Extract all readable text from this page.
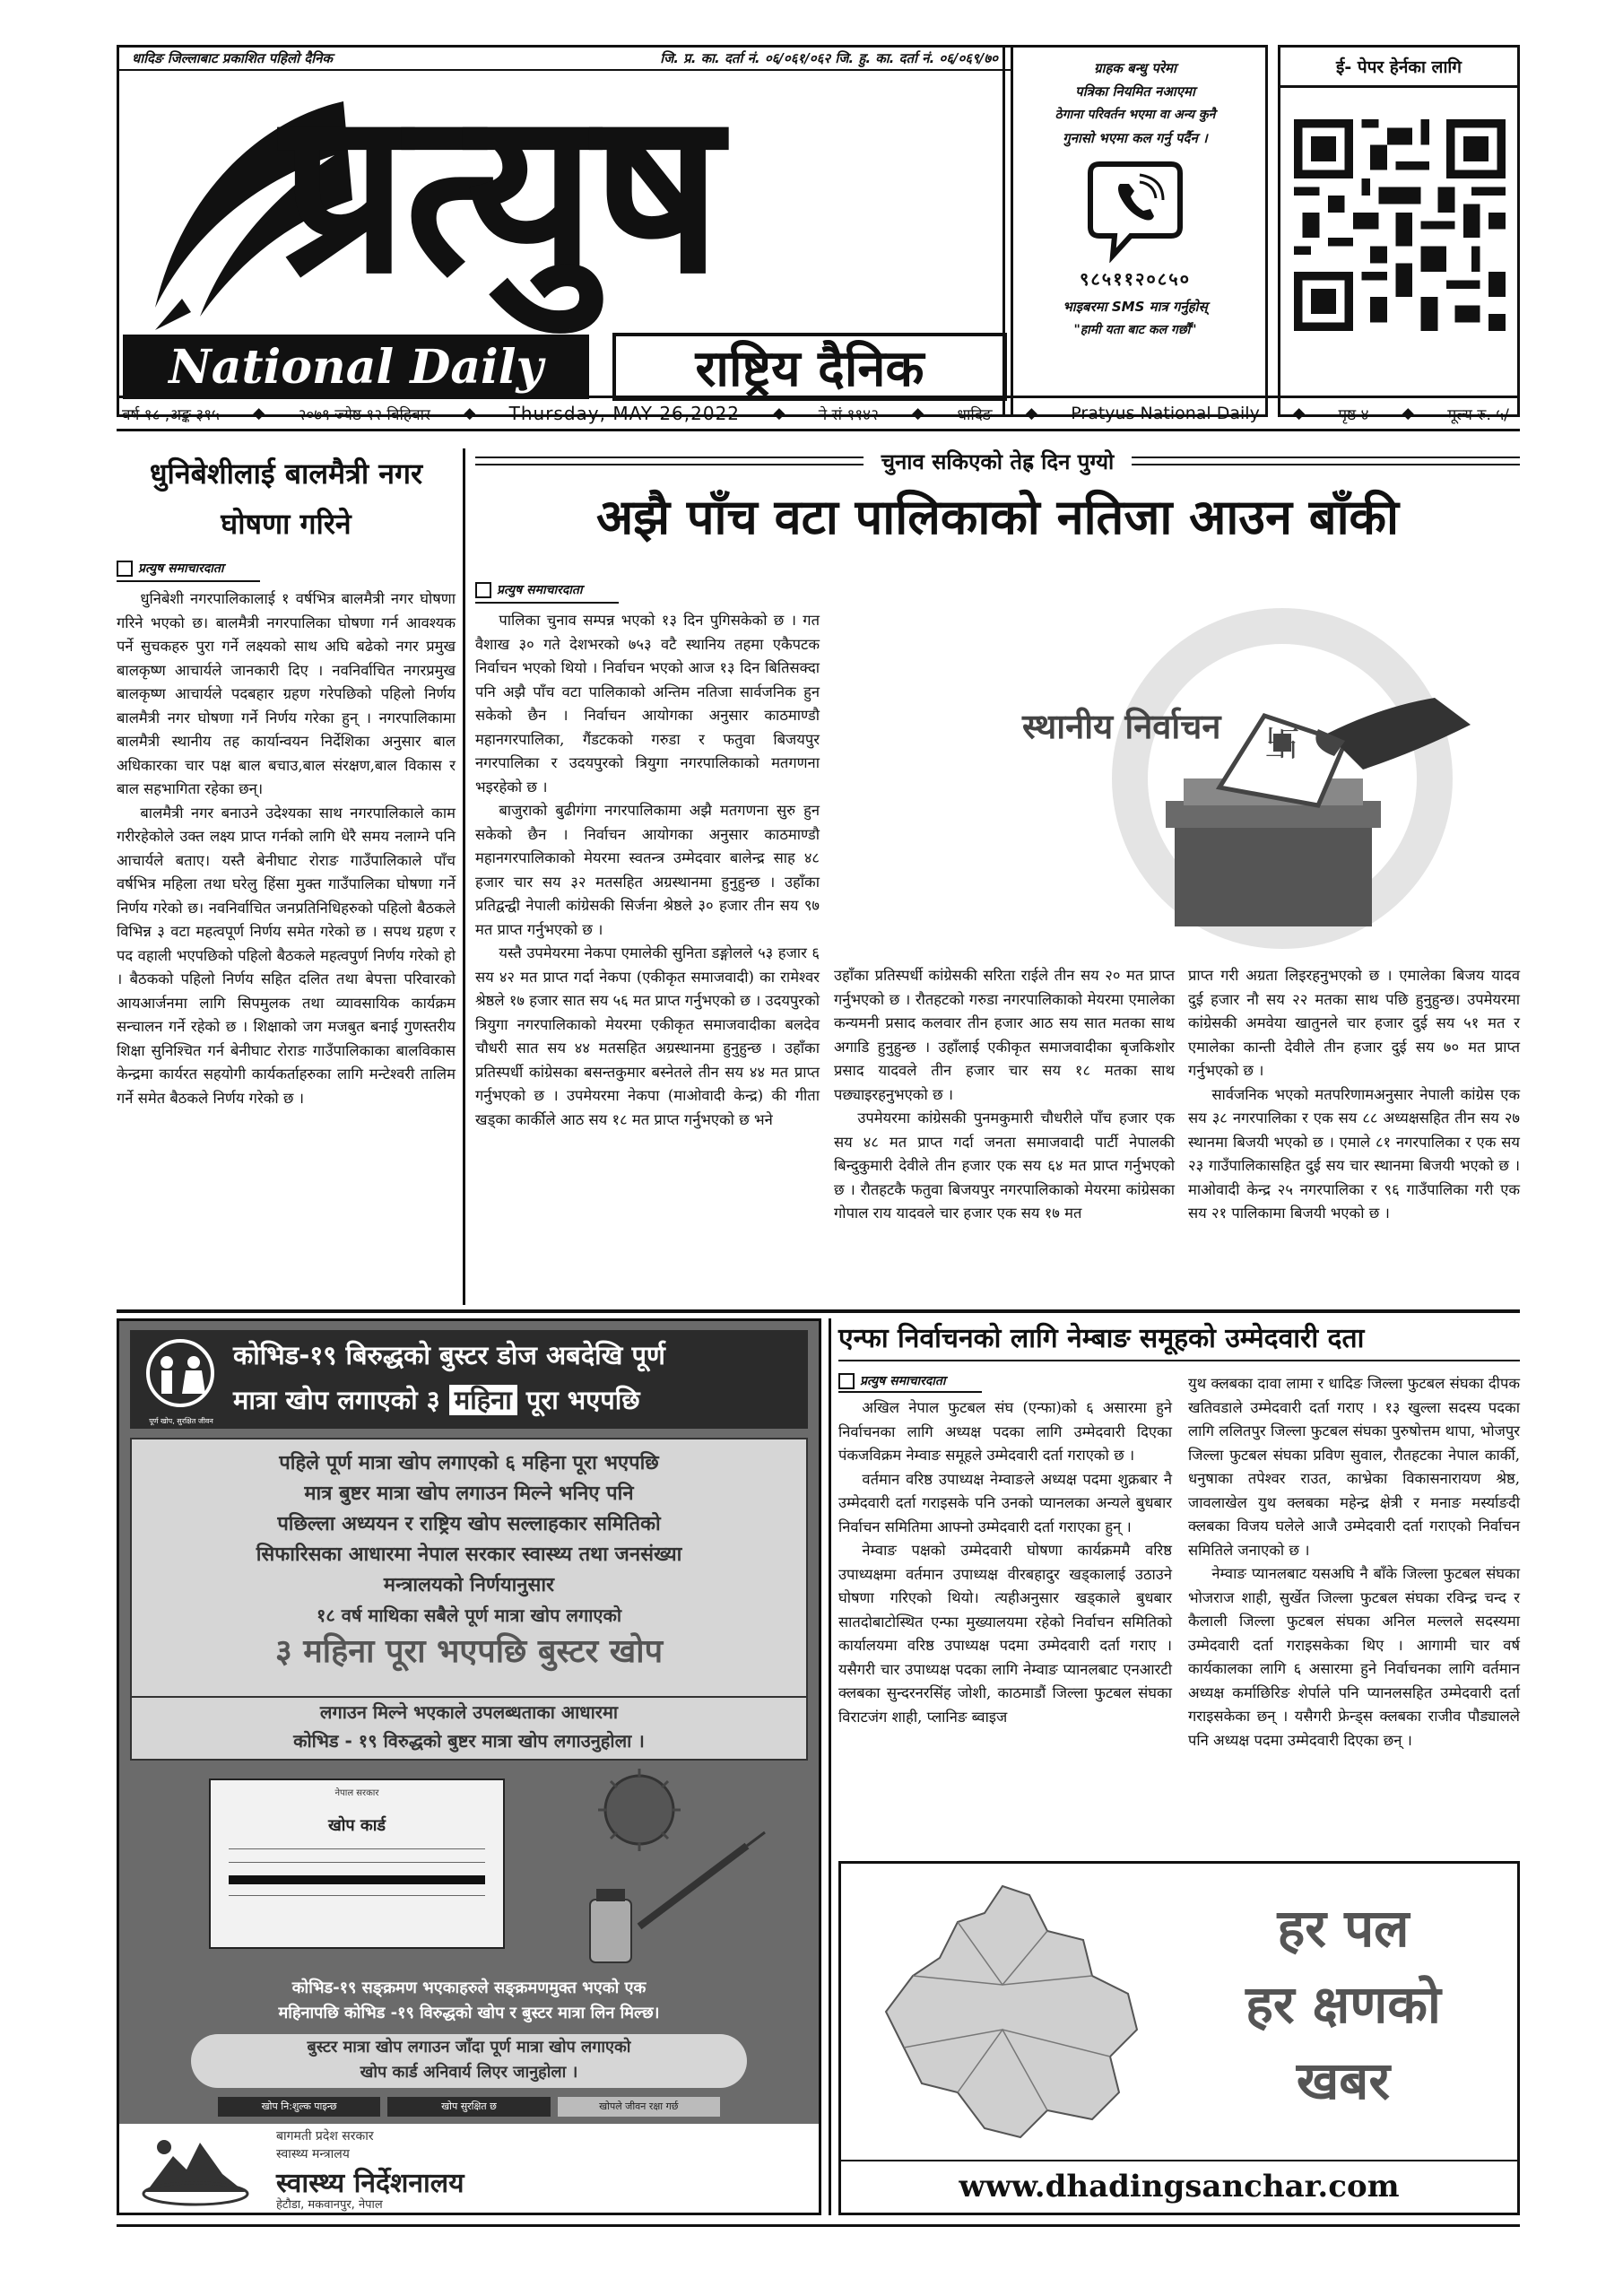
धादिङ जिल्लाबाट प्रकाशित पहिलो दैनिक	जि. प्र. का. दर्ता नं. ०६/०६१/०६२ जि. हु. का. दर्ता नं. ०६/०६९/७०
प्रत्युष
National Daily	राष्ट्रिय दैनिक
ग्राहक बन्धु परेमा
पत्रिका नियमित नआएमा
ठेगाना परिवर्तन भएमा वा अन्य कुनै
गुनासो भएमा कल गर्नु पर्दैन ।
९८५११२०८५०
भाइबरमा SMS मात्र गर्नुहोस्
"हामी यता बाट कल गर्छौं"
ई- पेपर हेर्नका लागि
वर्ष १८ ,अङ्क ३१५ ◆ २०७९ ज्येष्ठ १२ बिहिबार ◆ Thursday, MAY 26,2022 ◆ ने सं ११४२ ◆ धादिङ ◆ Pratyus National Daily ◆ पृष्ठ ४ ◆ मूल्य रु. ५/-
धुनिबेशीलाई बालमैत्री नगर घोषणा गरिने
प्रत्युष समाचारदाता

धुनिबेशी नगरपालिकालाई १ वर्षभित्र बालमैत्री नगर घोषणा गरिने भएको छ। बालमैत्री नगरपालिका घोषणा गर्न आवश्यक पर्ने सुचकहरु पुरा गर्ने लक्ष्यको साथ अघि बढेको नगर प्रमुख बालकृष्ण आचार्यले जानकारी दिए । नवनिर्वाचित नगरप्रमुख बालकृष्ण आचार्यले पदबहार ग्रहण गरेपछिको पहिलो निर्णय बालमैत्री नगर घोषणा गर्ने निर्णय गरेका हुन् । नगरपालिकामा बालमैत्री स्थानीय तह कार्यान्वयन निर्देशिका अनुसार बाल अधिकारका चार पक्ष बाल बचाउ,बाल संरक्षण,बाल विकास र बाल सहभागिता रहेका छन्।

बालमैत्री नगर बनाउने उदेश्यका साथ नगरपालिकाले काम गरीरहेकोले उक्त लक्ष्य प्राप्त गर्नको लागि धेरै समय नलाग्ने पनि आचार्यले बताए। यस्तै बेनीघाट रोराङ गाउँपालिकाले पाँच वर्षभित्र महिला तथा घरेलु हिंसा मुक्त गाउँपालिका घोषणा गर्ने निर्णय गरेको छ। नवनिर्वाचित जनप्रतिनिधिहरुको पहिलो बैठकले विभिन्न ३ वटा महत्वपूर्ण निर्णय समेत गरेको छ । सपथ ग्रहण र पद वहाली भएपछिको पहिलो बैठकले महत्वपुर्ण निर्णय गरेको हो । बैठकको पहिलो निर्णय सहित दलित तथा बेपत्ता परिवारको आयआर्जनमा लागि सिपमुलक तथा व्यावसायिक कार्यक्रम सन्चालन गर्ने रहेको छ । शिक्षाको जग मजबुत बनाई गुणस्तरीय शिक्षा सुनिश्चित गर्न बेनीघाट रोराङ गाउँपालिकाका बालविकास केन्द्रमा कार्यरत सहयोगी कार्यकर्ताहरुका लागि मन्टेश्वरी तालिम गर्ने समेत बैठकले निर्णय गरेको छ ।

चुनाव सकिएको तेह्र दिन पुग्यो
अझै पाँच वटा पालिकाको नतिजा आउन बाँकी
प्रत्युष समाचारदाता

पालिका चुनाव सम्पन्न भएको १३ दिन पुगिसकेको छ । गत वैशाख ३० गते देशभरको ७५३ वटै स्थानिय तहमा एकैपटक निर्वाचन भएको थियो । निर्वाचन भएको आज १३ दिन बितिसक्दा पनि अझै पाँच वटा पालिकाको अन्तिम नतिजा सार्वजनिक हुन सकेको छैन । निर्वाचन आयोगका अनुसार काठमाण्डौ महानगरपालिका, गैंडटकको गरुडा र फतुवा बिजयपुर नगरपालिका र उदयपुरको त्रियुगा नगरपालिकाको मतगणना भइरहेको छ ।

बाजुराको बुढीगंगा नगरपालिकामा अझै मतगणना सुरु हुन सकेको छैन । निर्वाचन आयोगका अनुसार काठमाण्डौ महानगरपालिकाको मेयरमा स्वतन्त्र उम्मेदवार बालेन्द्र साह ४८ हजार चार सय ३२ मतसहित अग्रस्थानमा हुनुहुन्छ । उहाँका प्रतिद्वन्द्वी नेपाली कांग्रेसकी सिर्जना श्रेष्ठले ३० हजार तीन सय ९७ मत प्राप्त गर्नुभएको छ ।

यस्तै उपमेयरमा नेकपा एमालेकी सुनिता डङ्गोलले ५३ हजार ६ सय ४२ मत प्राप्त गर्दा नेकपा (एकीकृत समाजवादी) का रामेश्वर श्रेष्ठले १७ हजार सात सय ५६ मत प्राप्त गर्नुभएको छ । उदयपुरको त्रियुगा नगरपालिकाको मेयरमा एकीकृत समाजवादीका बलदेव चौधरी सात सय ४४ मतसहित अग्रस्थानमा हुनुहुन्छ । उहाँका प्रतिस्पर्धी कांग्रेसका बसन्तकुमार बस्नेतले तीन सय ४४ मत प्राप्त गर्नुभएको छ । उपमेयरमा नेकपा (माओवादी केन्द्र) की गीता खड्का कार्कीले आठ सय १८ मत प्राप्त गर्नुभएको छ भने

卐
स्थानीय निर्वाचन

उहाँका प्रतिस्पर्धी कांग्रेसकी सरिता राईले तीन सय २० मत प्राप्त गर्नुभएको छ । रौतहटको गरुडा नगरपालिकाको मेयरमा एमालेका कन्यमनी प्रसाद कलवार तीन हजार आठ सय सात मतका साथ अगाडि हुनुहुन्छ । उहाँलाई एकीकृत समाजवादीका बृजकिशोर प्रसाद यादवले तीन हजार चार सय १८ मतका साथ पछ्याइरहनुभएको छ ।

उपमेयरमा कांग्रेसकी पुनमकुमारी चौधरीले पाँच हजार एक सय ४८ मत प्राप्त गर्दा जनता समाजवादी पार्टी नेपालकी बिन्दुकुमारी देवीले तीन हजार एक सय ६४ मत प्राप्त गर्नुभएको छ । रौतहटकै फतुवा बिजयपुर नगरपालिकाको मेयरमा कांग्रेसका गोपाल राय यादवले चार हजार एक सय १७ मत

प्राप्त गरी अग्रता लिइरहनुभएको छ । एमालेका बिजय यादव दुई हजार नौ सय २२ मतका साथ पछि हुनुहुन्छ। उपमेयरमा कांग्रेसकी अमवेया खातुनले चार हजार दुई सय ५१ मत र एमालेका कान्ती देवीले तीन हजार दुई सय ७० मत प्राप्त गर्नुभएको छ ।

सार्वजनिक भएको मतपरिणामअनुसार नेपाली कांग्रेस एक सय ३८ नगरपालिका र एक सय ८८ अध्यक्षसहित तीन सय २७ स्थानमा बिजयी भएको छ । एमाले ८१ नगरपालिका र एक सय २३ गाउँपालिकासहित दुई सय चार स्थानमा बिजयी भएको छ । माओवादी केन्द्र २५ नगरपालिका र ९६ गाउँपालिका गरी एक सय २१ पालिकामा बिजयी भएको छ ।

पूर्ण खोप, सुरक्षित जीवन
कोभिड-१९ बिरुद्धको बुस्टर डोज अबदेखि पूर्ण
मात्रा खोप लगाएको ३ महिना पूरा भएपछि
पहिले पूर्ण मात्रा खोप लगाएको ६ महिना पूरा भएपछि
मात्र बुष्टर मात्रा खोप लगाउन मिल्ने भनिए पनि
पछिल्ला अध्ययन र राष्ट्रिय खोप सल्लाहकार समितिको
सिफारिसका आधारमा नेपाल सरकार स्वास्थ्य तथा जनसंख्या
मन्त्रालयको निर्णयानुसार
१८ वर्ष माथिका सबैले पूर्ण मात्रा खोप लगाएको
३ महिना पूरा भएपछि बुस्टर खोप
लगाउन मिल्ने भएकाले उपलब्धताका आधारमा
कोभिड - १९ विरुद्धको बुष्टर मात्रा खोप लगाउनुहोला ।
नेपाल सरकार
खोप कार्ड
कोभिड-१९ सङ्क्रमण भएकाहरुले सङ्क्रमणमुक्त भएको एक
महिनापछि कोभिड -१९ विरुद्धको खोप र बुस्टर मात्रा लिन मिल्छ।
बुस्टर मात्रा खोप लगाउन जाँदा पूर्ण मात्रा खोप लगाएको
खोप कार्ड अनिवार्य लिएर जानुहोला ।
खोप नि:शुल्क पाइन्छ	खोप सुरक्षित छ	खोपले जीवन रक्षा गर्छ
बागमती प्रदेश सरकार
स्वास्थ्य मन्त्रालय
स्वास्थ्य निर्देशनालय
हेटौडा, मकवानपुर, नेपाल
एन्फा निर्वाचनको लागि नेम्बाङ समूहको उम्मेदवारी दता
प्रत्युष समाचारदाता

अखिल नेपाल फुटबल संघ (एन्फा)को ६ असारमा हुने निर्वाचनका लागि अध्यक्ष पदका लागि उम्मेदवारी दिएका पंकजविक्रम नेम्वाङ समूहले उम्मेदवारी दर्ता गराएको छ ।

वर्तमान वरिष्ठ उपाध्यक्ष नेम्वाङले अध्यक्ष पदमा शुक्रबार नै उम्मेदवारी दर्ता गराइसके पनि उनको प्यानलका अन्यले बुधबार निर्वाचन समितिमा आफ्नो उम्मेदवारी दर्ता गराएका हुन् ।

नेम्वाङ पक्षको उम्मेदवारी घोषणा कार्यक्रममै वरिष्ठ उपाध्यक्षमा वर्तमान उपाध्यक्ष वीरबहादुर खड्कालाई उठाउने घोषणा गरिएको थियो। त्यहीअनुसार खड्काले बुधबार सातदोबाटोस्थित एन्फा मुख्यालयमा रहेको निर्वाचन समितिको कार्यालयमा वरिष्ठ उपाध्यक्ष पदमा उम्मेदवारी दर्ता गराए । यसैगरी चार उपाध्यक्ष पदका लागि नेम्वाङ प्यानलबाट एनआरटी क्लबका सुन्दरनरसिंह जोशी, काठमाडौं जिल्ला फुटबल संघका विराटजंग शाही, प्लानिङ ब्वाइज

युथ क्लबका दावा लामा र धादिङ जिल्ला फुटबल संघका दीपक खतिवडाले उम्मेदवारी दर्ता गराए । १३ खुल्ला सदस्य पदका लागि ललितपुर जिल्ला फुटबल संघका पुरुषोत्तम थापा, भोजपुर जिल्ला फुटबल संघका प्रविण सुवाल, रौतहटका नेपाल कार्की, धनुषाका तपेश्वर राउत, काभ्रेका विकासनारायण श्रेष्ठ, जावलाखेल युथ क्लबका महेन्द्र क्षेत्री र मनाङ मर्स्याङदी क्लबका विजय घलेले आजै उम्मेदवारी दर्ता गराएको निर्वाचन समितिले जनाएको छ ।

नेम्वाङ प्यानलबाट यसअघि नै बाँके जिल्ला फुटबल संघका भोजराज शाही, सुर्खेत जिल्ला फुटबल संघका रविन्द्र चन्द र कैलाली जिल्ला फुटबल संघका अनिल मल्लले सदस्यमा उम्मेदवारी दर्ता गराइसकेका थिए । आगामी चार वर्ष कार्यकालका लागि ६ असारमा हुने निर्वाचनका लागि वर्तमान अध्यक्ष कर्माछिरिङ शेर्पाले पनि प्यानलसहित उम्मेदवारी दर्ता गराइसकेका छन् । यसैगरी फ्रेन्ड्स क्लबका राजीव पौड्यालले पनि अध्यक्ष पदमा उम्मेदवारी दिएका छन् ।

हर पल
हर क्षणको
खबर
www.dhadingsanchar.com
